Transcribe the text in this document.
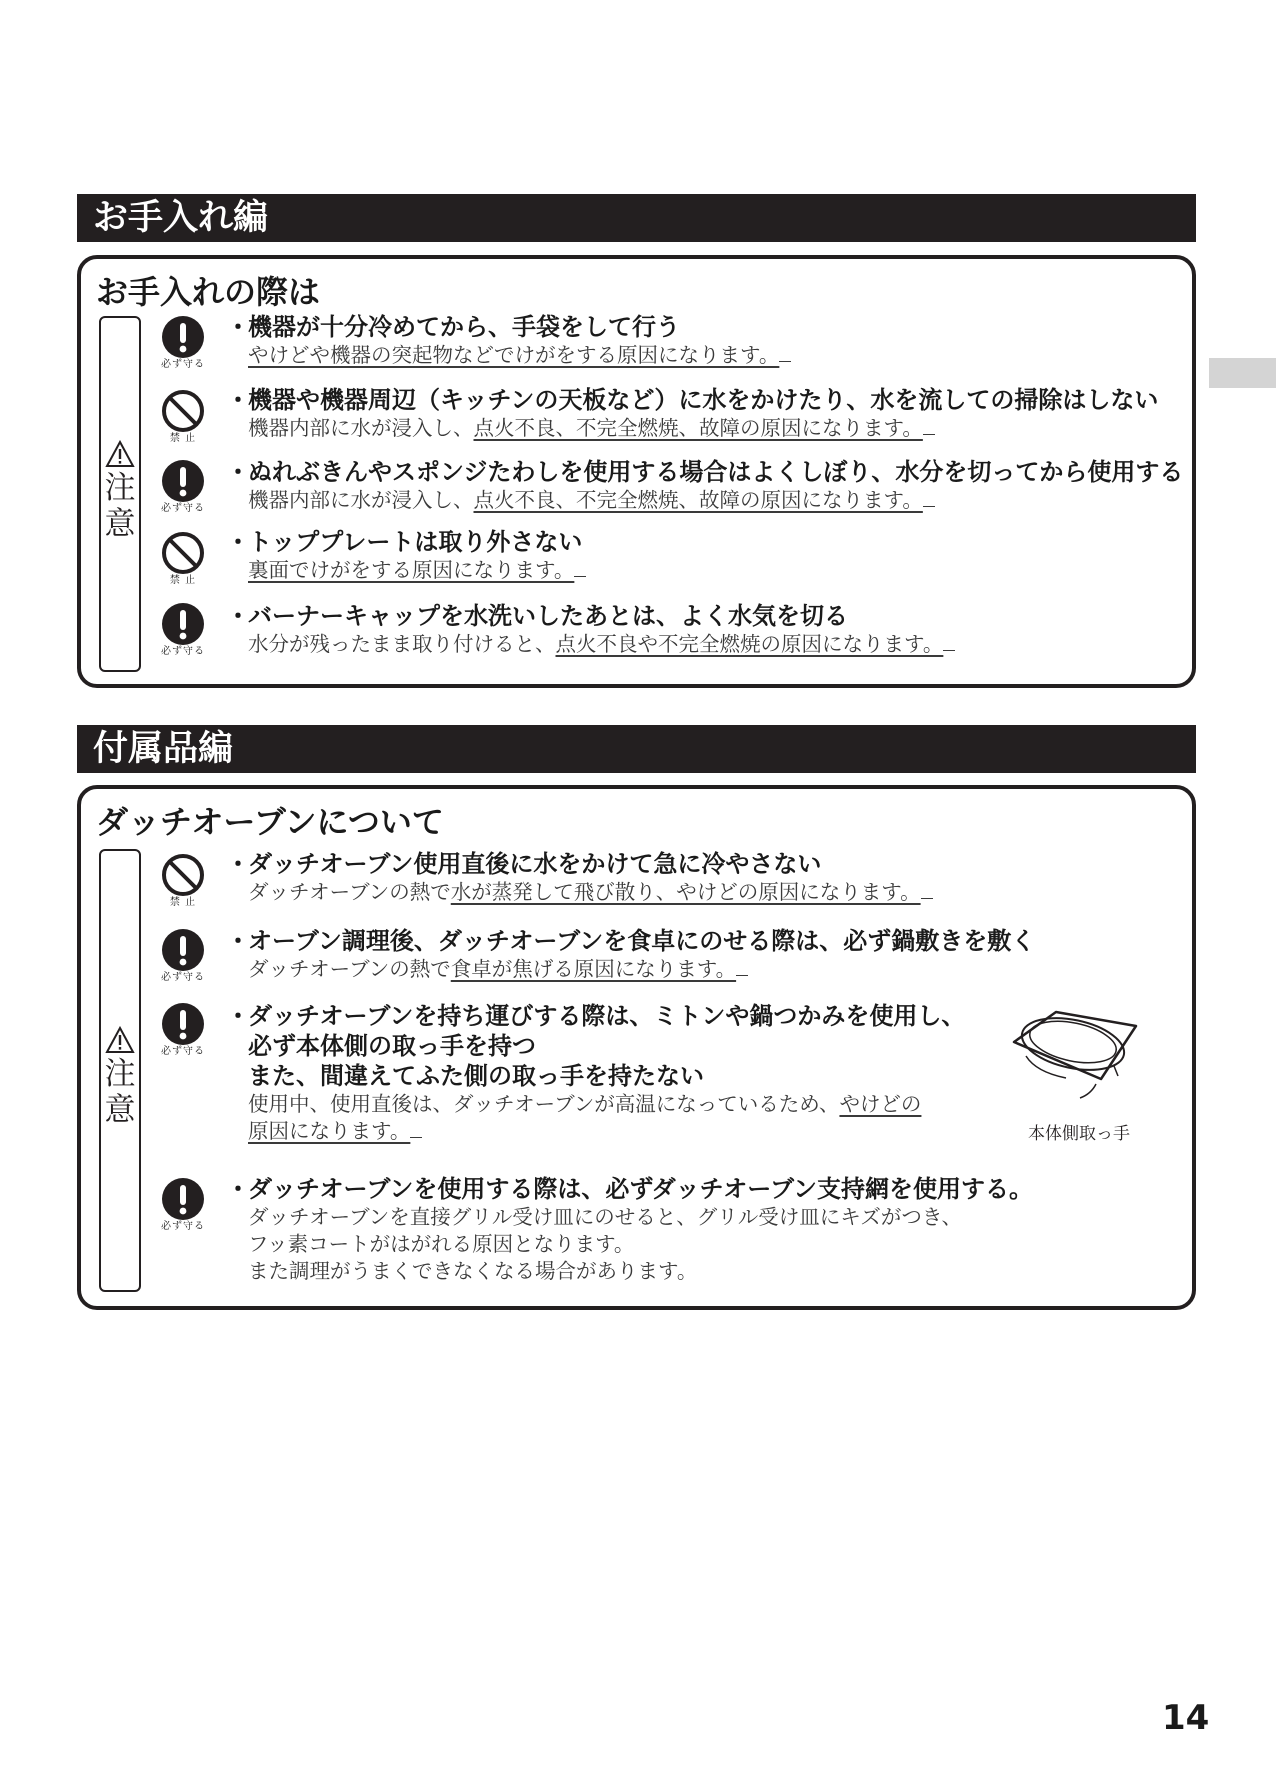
お手入れ編
お手入れの際は
注
意
必ず守る
・機器が十分冷めてから、手袋をして行う
やけどや機器の突起物などでけがをする原因になります。
禁 止
・機器や機器周辺（キッチンの天板など）に水をかけたり、水を流しての掃除はしない
機器内部に水が浸入し、点火不良、不完全燃焼、故障の原因になります。
必ず守る
・ぬれぶきんやスポンジたわしを使用する場合はよくしぼり、水分を切ってから使用する
機器内部に水が浸入し、点火不良、不完全燃焼、故障の原因になります。
禁 止
・トッププレートは取り外さない
裏面でけがをする原因になります。
必ず守る
・バーナーキャップを水洗いしたあとは、よく水気を切る
水分が残ったまま取り付けると、点火不良や不完全燃焼の原因になります。
付属品編
ダッチオーブンについて
注
意
禁 止
・ダッチオーブン使用直後に水をかけて急に冷やさない
ダッチオーブンの熱で水が蒸発して飛び散り、やけどの原因になります。
必ず守る
・オーブン調理後、ダッチオーブンを食卓にのせる際は、必ず鍋敷きを敷く
ダッチオーブンの熱で食卓が焦げる原因になります。
必ず守る
・ダッチオーブンを持ち運びする際は、ミトンや鍋つかみを使用し、
必ず本体側の取っ手を持つ
また、間違えてふた側の取っ手を持たない
使用中、使用直後は、ダッチオーブンが高温になっているため、やけどの
原因になります。	本体側取っ手
必ず守る
・ダッチオーブンを使用する際は、必ずダッチオーブン支持網を使用する。
ダッチオーブンを直接グリル受け皿にのせると、グリル受け皿にキズがつき、
フッ素コートがはがれる原因となります。
また調理がうまくできなくなる場合があります。
14
